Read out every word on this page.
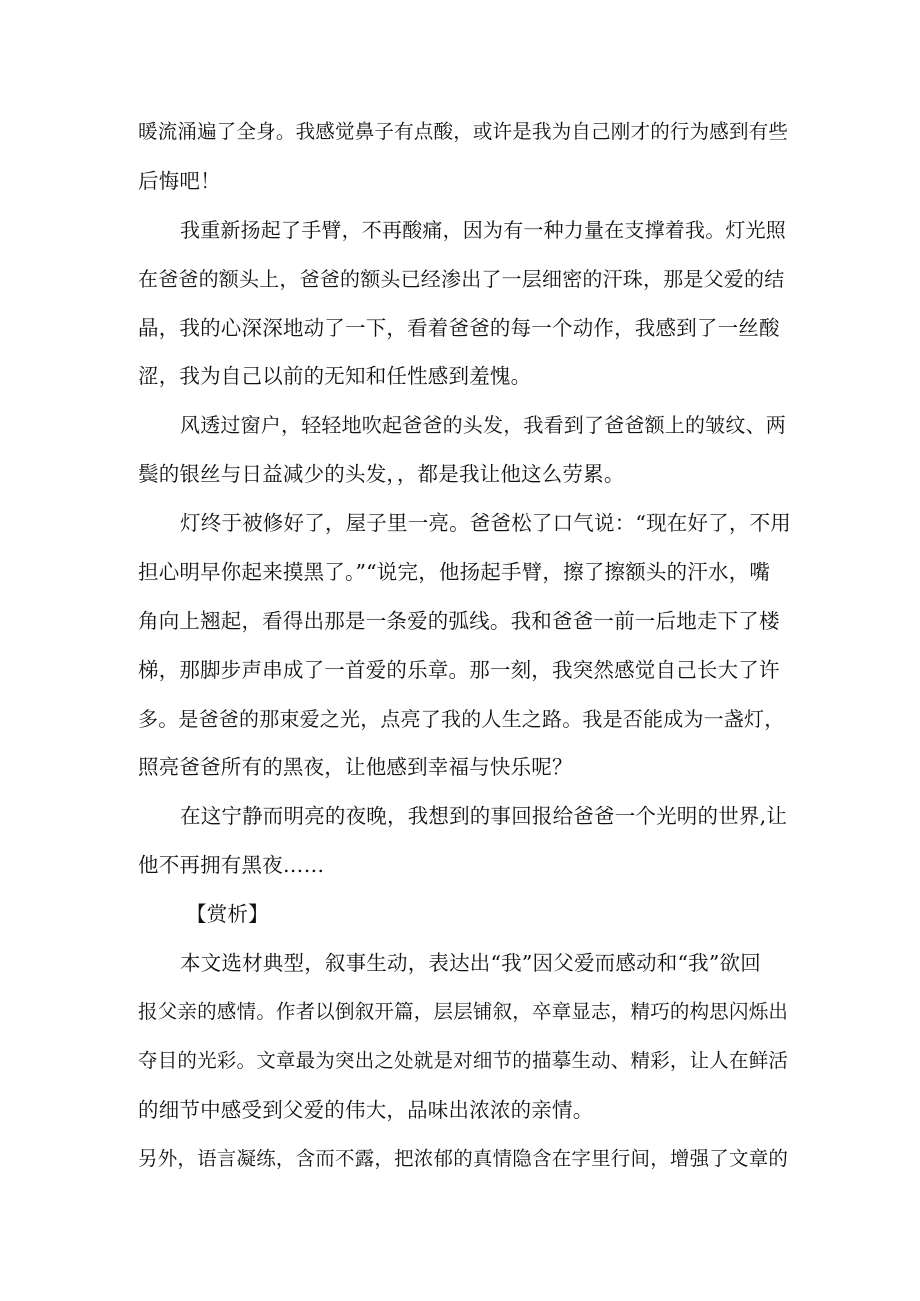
暖流涌遍了全身。我感觉鼻子有点酸，或许是我为自己刚才的行为感到有些
后悔吧！
我重新扬起了手臂，不再酸痛，因为有一种力量在支撑着我。灯光照
在爸爸的额头上，爸爸的额头已经渗出了一层细密的汗珠，那是父爱的结
晶，我的心深深地动了一下，看着爸爸的每一个动作，我感到了一丝酸
涩，我为自己以前的无知和任性感到羞愧。
风透过窗户，轻轻地吹起爸爸的头发，我看到了爸爸额上的皱纹、两
鬓的银丝与日益减少的头发，，都是我让他这么劳累。
灯终于被修好了，屋子里一亮。爸爸松了口气说：“现在好了，不用
担心明早你起来摸黑了。”“说完，他扬起手臂，擦了擦额头的汗水，嘴
角向上翘起，看得出那是一条爱的弧线。我和爸爸一前一后地走下了楼
梯，那脚步声串成了一首爱的乐章。那一刻，我突然感觉自己长大了许
多。是爸爸的那束爱之光，点亮了我的人生之路。我是否能成为一盏灯，
照亮爸爸所有的黑夜，让他感到幸福与快乐呢？
在这宁静而明亮的夜晚，我想到的事回报给爸爸一个光明的世界,让
他不再拥有黑夜……
【赏析】
本文选材典型，叙事生动，表达出“我”因父爱而感动和“我”欲回
报父亲的感情。作者以倒叙开篇，层层铺叙，卒章显志，精巧的构思闪烁出
夺目的光彩。文章最为突出之处就是对细节的描摹生动、精彩，让人在鲜活
的细节中感受到父爱的伟大，品味出浓浓的亲情。
另外，语言凝练，含而不露，把浓郁的真情隐含在字里行间，增强了文章的
